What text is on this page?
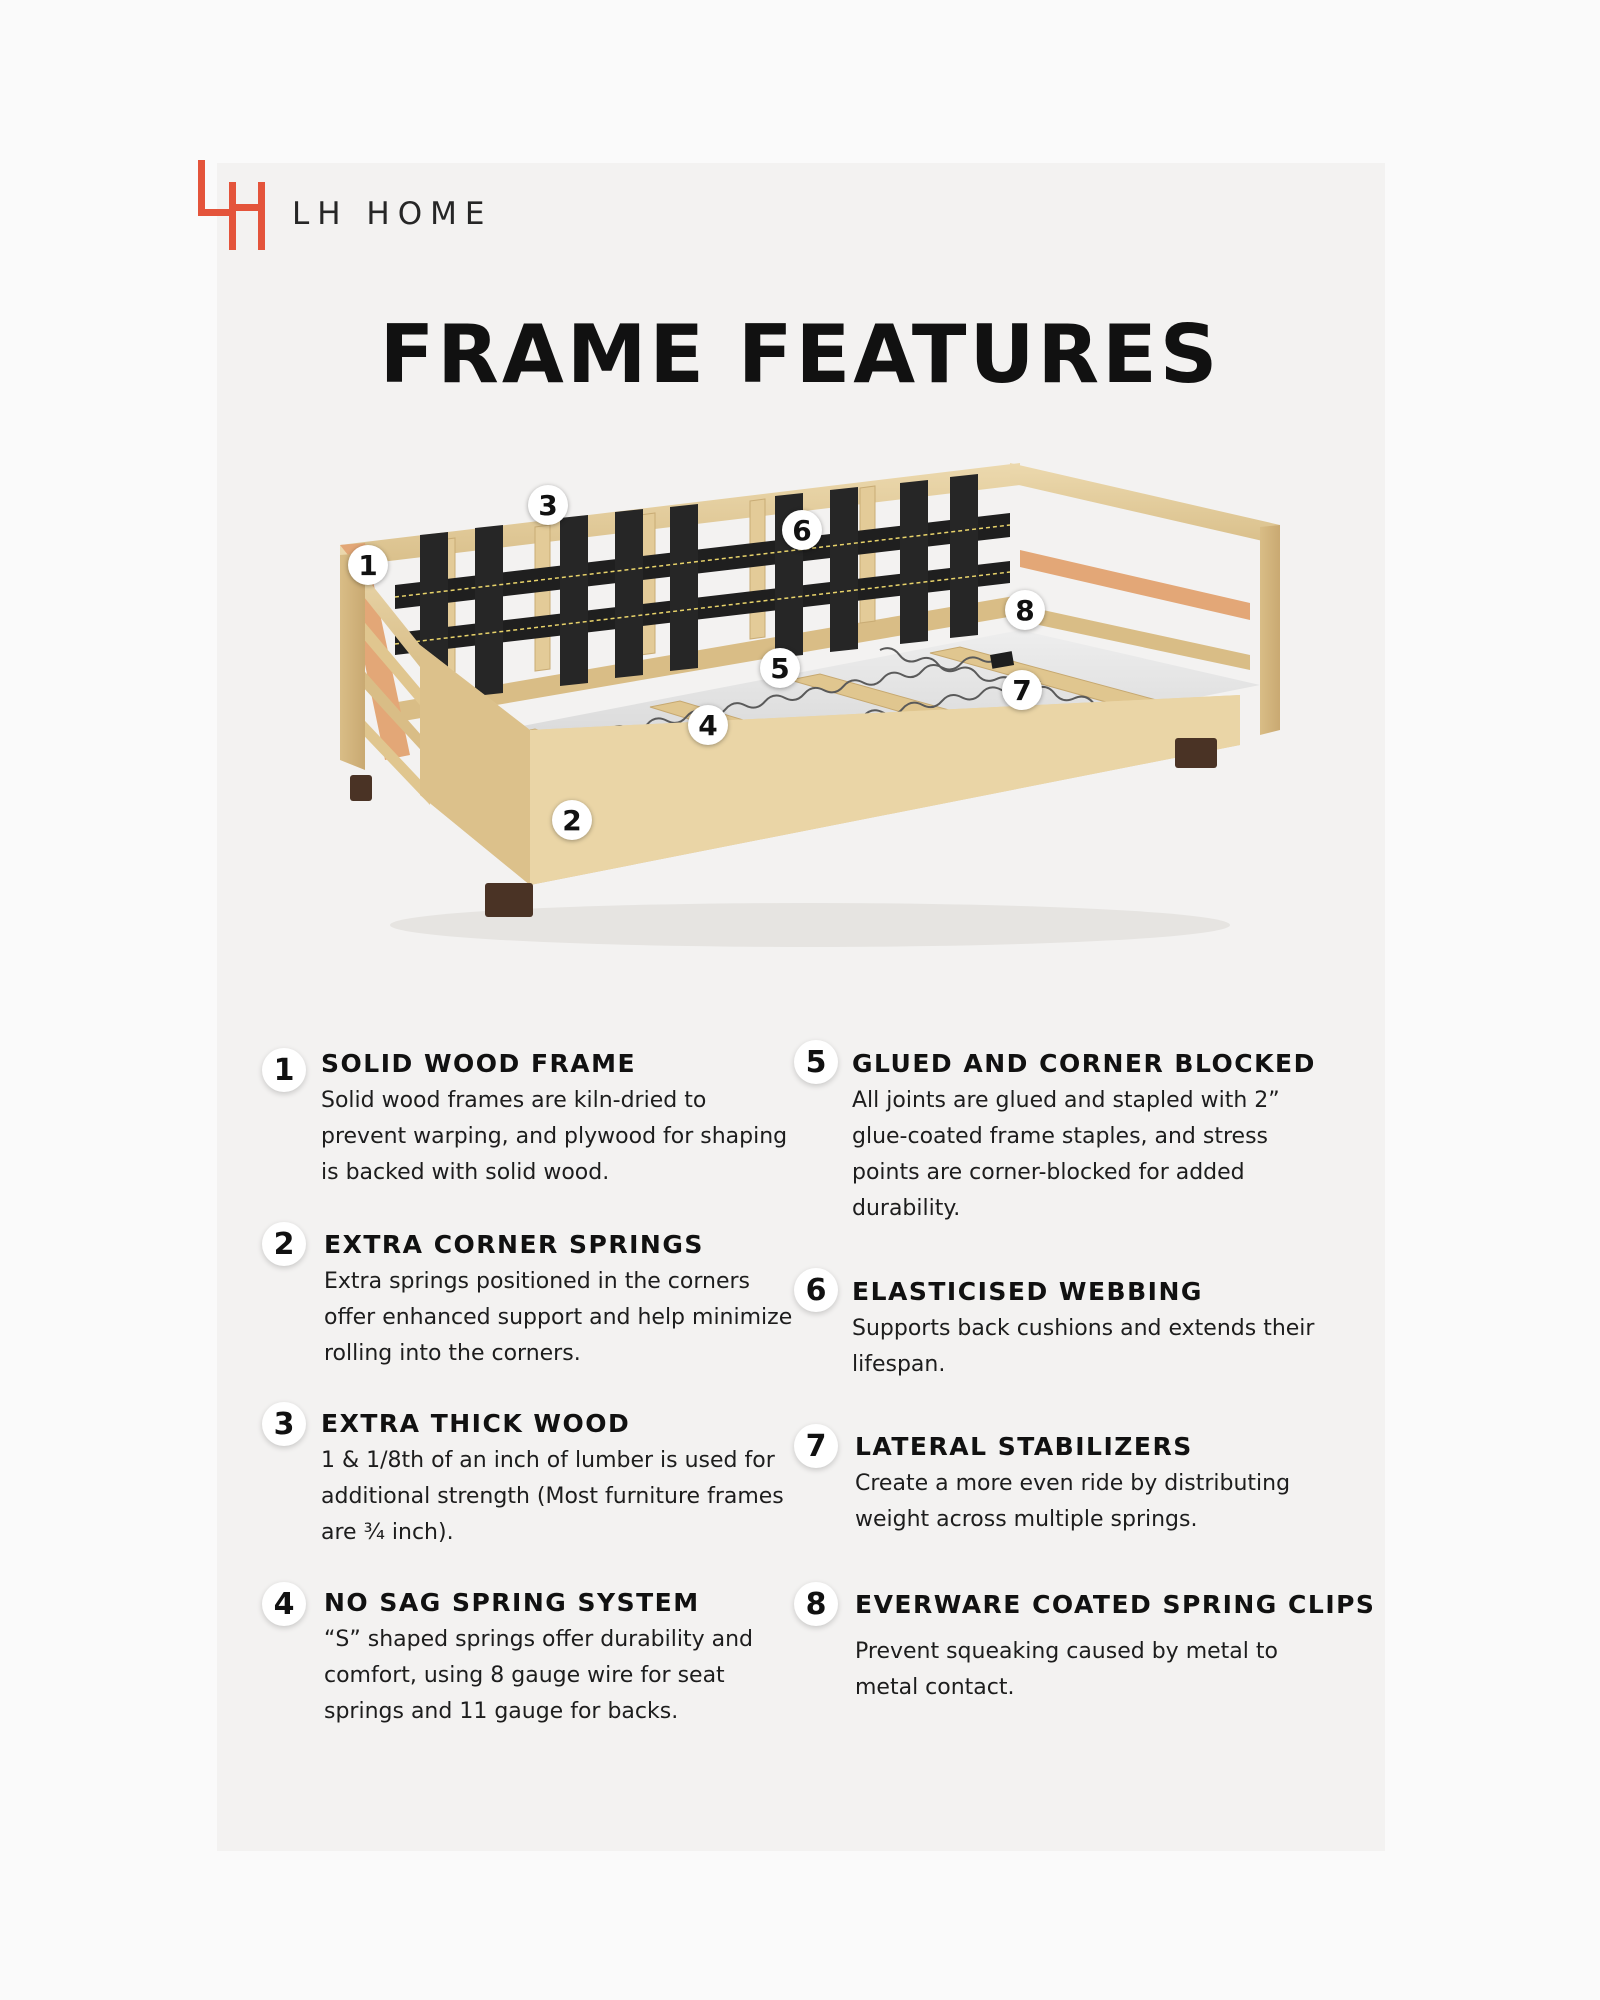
LH HOME
FRAME FEATURES
1
2
3
4
5
6
7
8
1	SOLID WOOD FRAME
Solid wood frames are kiln-dried to prevent warping, and plywood for shaping is backed with solid wood.
2	EXTRA CORNER SPRINGS
Extra springs positioned in the corners offer enhanced support and help minimize rolling into the corners.
3	EXTRA THICK WOOD
1 & 1/8th of an inch of lumber is used for additional strength (Most furniture frames are ¾ inch).
4	NO SAG SPRING SYSTEM
“S” shaped springs offer durability and comfort, using 8 gauge wire for seat springs and 11 gauge for backs.
5	GLUED AND CORNER BLOCKED
All joints are glued and stapled with 2” glue-coated frame staples, and stress points are corner-blocked for added durability.
6	ELASTICISED WEBBING
Supports back cushions and extends their lifespan.
7	LATERAL STABILIZERS
Create a more even ride by distributing weight across multiple springs.
8	EVERWARE COATED SPRING CLIPS
Prevent squeaking caused by metal to metal contact.
